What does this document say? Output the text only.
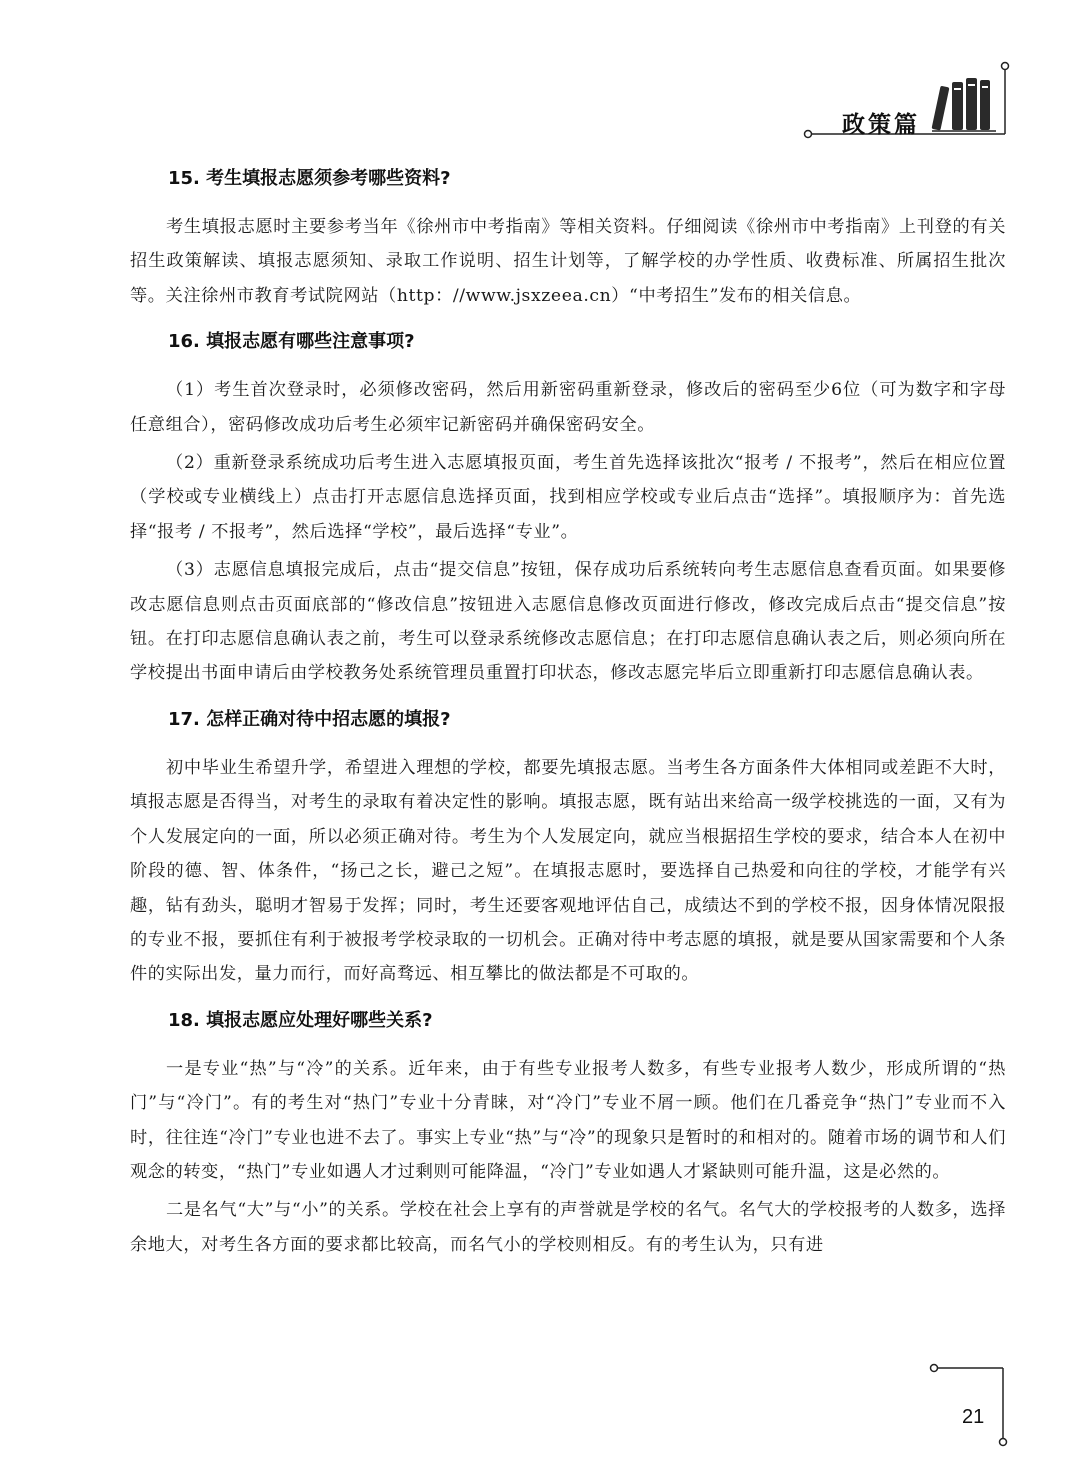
政策篇
15. 考生填报志愿须参考哪些资料?

考生填报志愿时主要参考当年《徐州市中考指南》等相关资料。仔细阅读《徐州市中考指南》上刊登的有关招生政策解读、填报志愿须知、录取工作说明、招生计划等，了解学校的办学性质、收费标准、所属招生批次等。关注徐州市教育考试院网站（http：//www.jsxzeea.cn）“中考招生”发布的相关信息。

16. 填报志愿有哪些注意事项?

（1）考生首次登录时，必须修改密码，然后用新密码重新登录，修改后的密码至少6位（可为数字和字母任意组合），密码修改成功后考生必须牢记新密码并确保密码安全。

（2）重新登录系统成功后考生进入志愿填报页面，考生首先选择该批次“报考 / 不报考”，然后在相应位置（学校或专业横线上）点击打开志愿信息选择页面，找到相应学校或专业后点击“选择”。填报顺序为：首先选择“报考 / 不报考”，然后选择“学校”，最后选择“专业”。

（3）志愿信息填报完成后，点击“提交信息”按钮，保存成功后系统转向考生志愿信息查看页面。如果要修改志愿信息则点击页面底部的“修改信息”按钮进入志愿信息修改页面进行修改，修改完成后点击“提交信息”按钮。在打印志愿信息确认表之前，考生可以登录系统修改志愿信息；在打印志愿信息确认表之后，则必须向所在学校提出书面申请后由学校教务处系统管理员重置打印状态，修改志愿完毕后立即重新打印志愿信息确认表。

17. 怎样正确对待中招志愿的填报?

初中毕业生希望升学，希望进入理想的学校，都要先填报志愿。当考生各方面条件大体相同或差距不大时，填报志愿是否得当，对考生的录取有着决定性的影响。填报志愿，既有站出来给高一级学校挑选的一面，又有为个人发展定向的一面，所以必须正确对待。考生为个人发展定向，就应当根据招生学校的要求，结合本人在初中阶段的德、智、体条件，“扬己之长，避己之短”。在填报志愿时，要选择自己热爱和向往的学校，才能学有兴趣，钻有劲头，聪明才智易于发挥；同时，考生还要客观地评估自己，成绩达不到的学校不报，因身体情况限报的专业不报，要抓住有利于被报考学校录取的一切机会。正确对待中考志愿的填报，就是要从国家需要和个人条件的实际出发，量力而行，而好高骛远、相互攀比的做法都是不可取的。

18. 填报志愿应处理好哪些关系?

一是专业“热”与“冷”的关系。近年来，由于有些专业报考人数多，有些专业报考人数少，形成所谓的“热门”与“冷门”。有的考生对“热门”专业十分青睐，对“冷门”专业不屑一顾。他们在几番竞争“热门”专业而不入时，往往连“冷门”专业也进不去了。事实上专业“热”与“冷”的现象只是暂时的和相对的。随着市场的调节和人们观念的转变，“热门”专业如遇人才过剩则可能降温，“冷门”专业如遇人才紧缺则可能升温，这是必然的。

二是名气“大”与“小”的关系。学校在社会上享有的声誉就是学校的名气。名气大的学校报考的人数多，选择余地大，对考生各方面的要求都比较高，而名气小的学校则相反。有的考生认为，只有进

21
